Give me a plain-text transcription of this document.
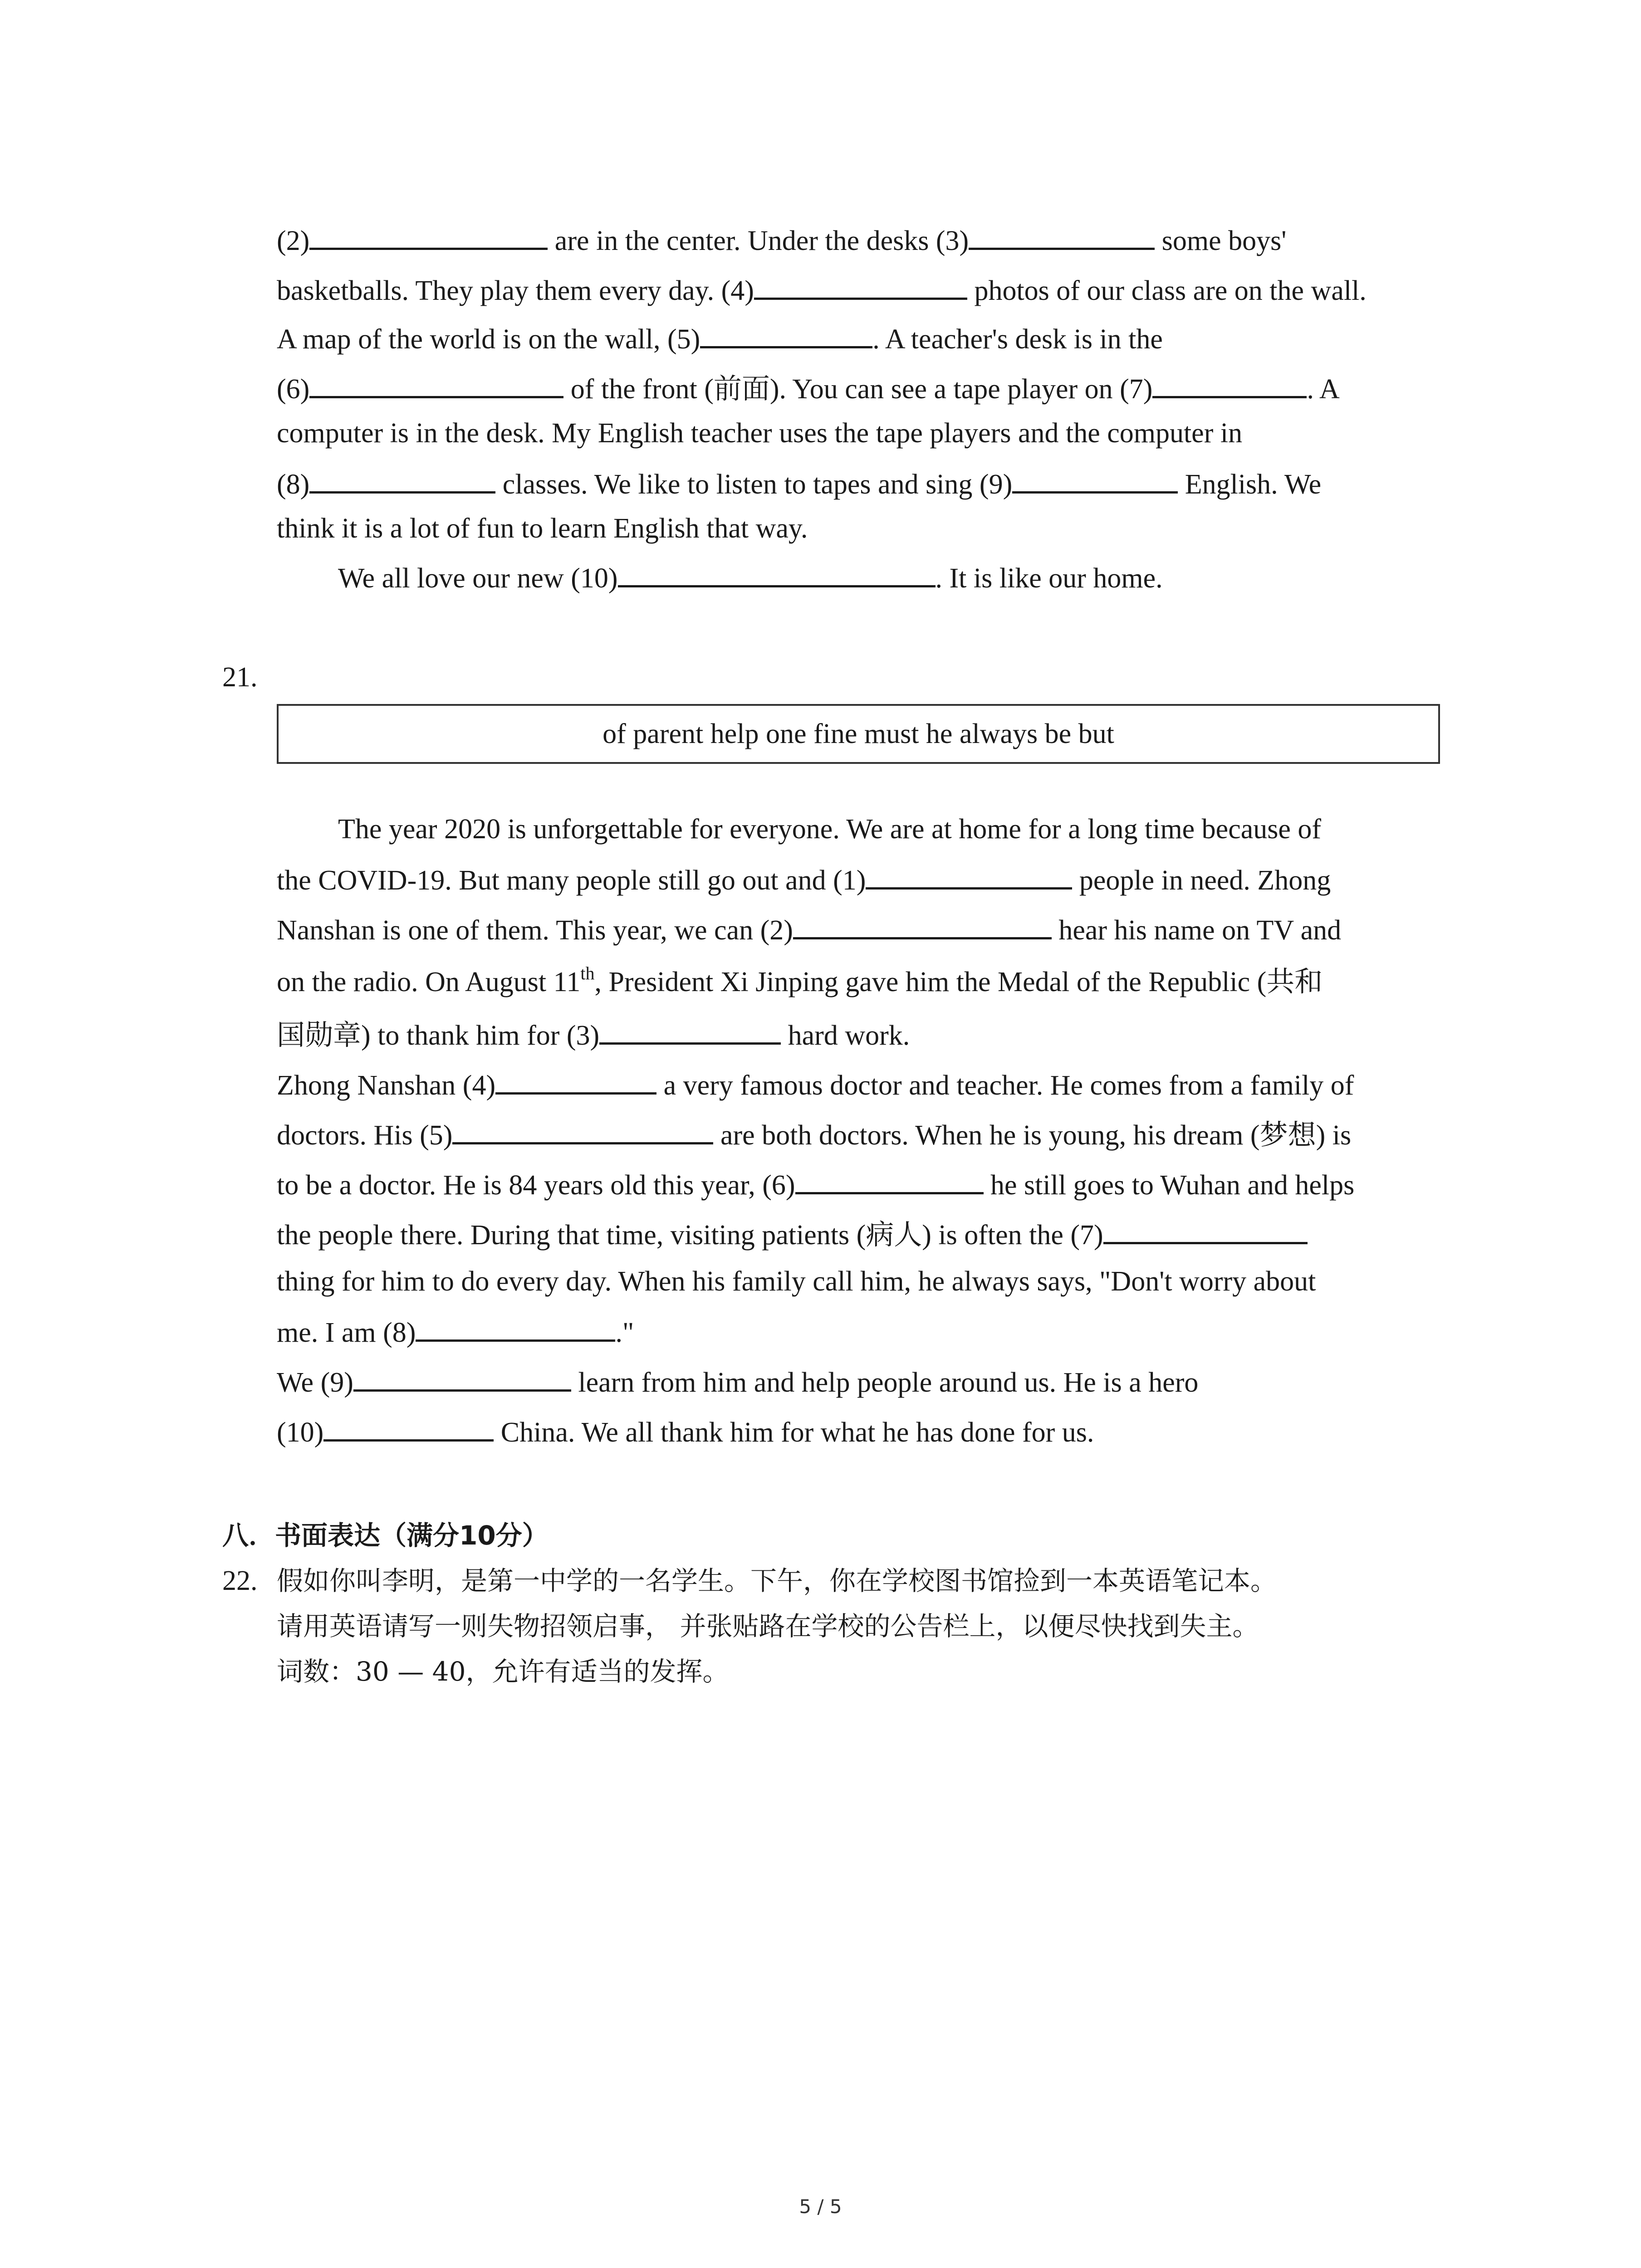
(2)	are in the center. Under the desks (3)	some boys'
basketballs. They play them every day. (4)	photos of our class are on the wall.
A map of the world is on the wall, (5)	. A teacher's desk is in the
(6)	of the front (前面). You can see a tape player on (7)	. A
computer is in the desk. My English teacher uses the tape players and the computer in
(8)	classes. We like to listen to tapes and sing (9)	English. We
think it is a lot of fun to learn English that way.
We all love our new (10)	. It is like our home.
21.
of parent help one fine must he always be but
The year 2020 is unforgettable for everyone. We are at home for a long time because of
the COVID-19. But many people still go out and (1)	people in need. Zhong
Nanshan is one of them. This year, we can (2)	hear his name on TV and
on the radio. On August 11th, President Xi Jinping gave him the Medal of the Republic (共和
国勋章) to thank him for (3)	hard work.
Zhong Nanshan (4)	a very famous doctor and teacher. He comes from a family of
doctors. His (5)	are both doctors. When he is young, his dream (梦想) is
to be a doctor. He is 84 years old this year, (6)	he still goes to Wuhan and helps
the people there. During that time, visiting patients (病人) is often the (7)
thing for him to do every day. When his family call him, he always says, "Don't worry about
me. I am (8)	."
We (9)	learn from him and help people around us. He is a hero
(10)	China. We all thank him for what he has done for us.
八．书面表达（满分10分）
22. 假如你叫李明，是第一中学的一名学生。下午，你在学校图书馆捡到一本英语笔记本。
请用英语请写一则失物招领启事， 并张贴路在学校的公告栏上，以便尽快找到失主。
词数：30 — 40，允许有适当的发挥。
5 / 5
